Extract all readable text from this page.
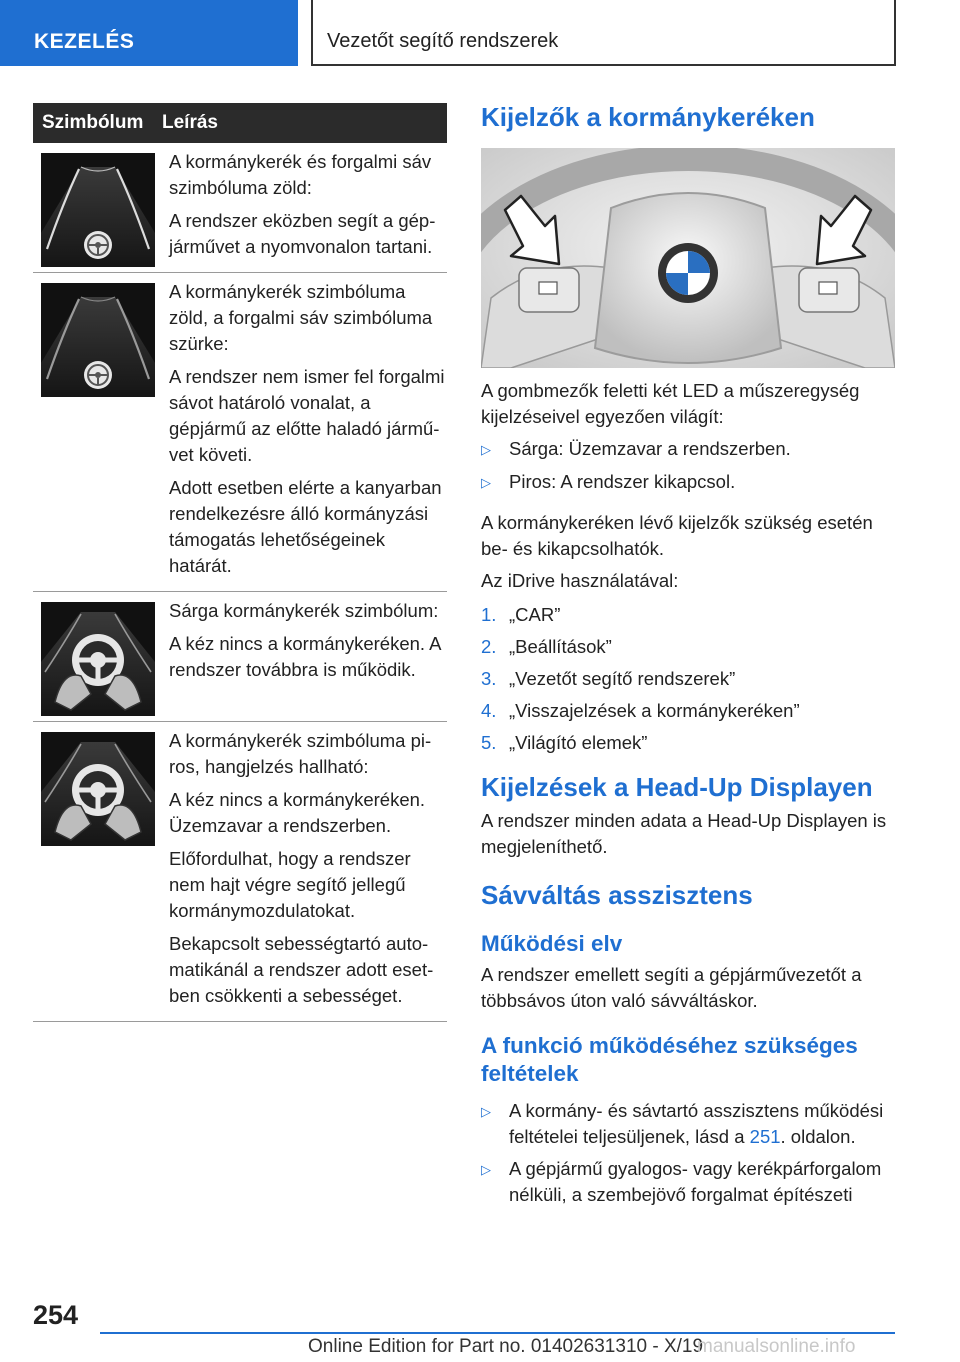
KEZELÉS	Vezetőt segítő rendszerek
Szimbólum Leírás

A kormánykerék és forgalmi sáv szimbóluma zöld:

A rendszer eközben segít a gépjárművet a nyomvonalon tartani.

A kormánykerék szimbóluma zöld, a forgalmi sáv szimbóluma szürke:

A rendszer nem ismer fel forgalmi sávot határoló vonalat, a gépjármű az előtte haladó járművet követi.

Adott esetben elérte a kanyarban rendelkezésre álló kormányzási támogatás lehetőségeinek határát.

Sárga kormánykerék szimbólum:

A kéz nincs a kormánykeréken. A rendszer továbbra is működik.

A kormánykerék szimbóluma piros, hangjelzés hallható:

A kéz nincs a kormánykeréken. Üzemzavar a rendszerben.

Előfordulhat, hogy a rendszer nem hajt végre segítő jellegű kormánymozdulatokat.

Bekapcsolt sebességtartó automatikánál a rendszer adott esetben csökkenti a sebességet.

Kijelzők a kormánykeréken

A gombmezők feletti két LED a műszeregység kijelzéseivel egyezően világít:

▷ Sárga: Üzemzavar a rendszerben.
▷ Piros: A rendszer kikapcsol.

A kormánykeréken lévő kijelzők szükség esetén be- és kikapcsolhatók.

Az iDrive használatával:

1. „CAR”
2. „Beállítások”
3. „Vezetőt segítő rendszerek”
4. „Visszajelzések a kormánykeréken”
5. „Világító elemek”
Kijelzések a Head-Up Displayen

A rendszer minden adata a Head-Up Displayen is megjeleníthető.

Sávváltás asszisztens
Működési elv

A rendszer emellett segíti a gépjárművezetőt a többsávos úton való sávváltáskor.

A funkció működéséhez szükséges feltételek
▷ A kormány- és sávtartó asszisztens működési feltételei teljesüljenek, lásd a 251. oldalon.
▷ A gépjármű gyalogos- vagy kerékpárforgalom nélküli, a szembejövő forgalmat építészeti
254
Online Edition for Part no. 01402631310 - X/19
manualsonline.info
